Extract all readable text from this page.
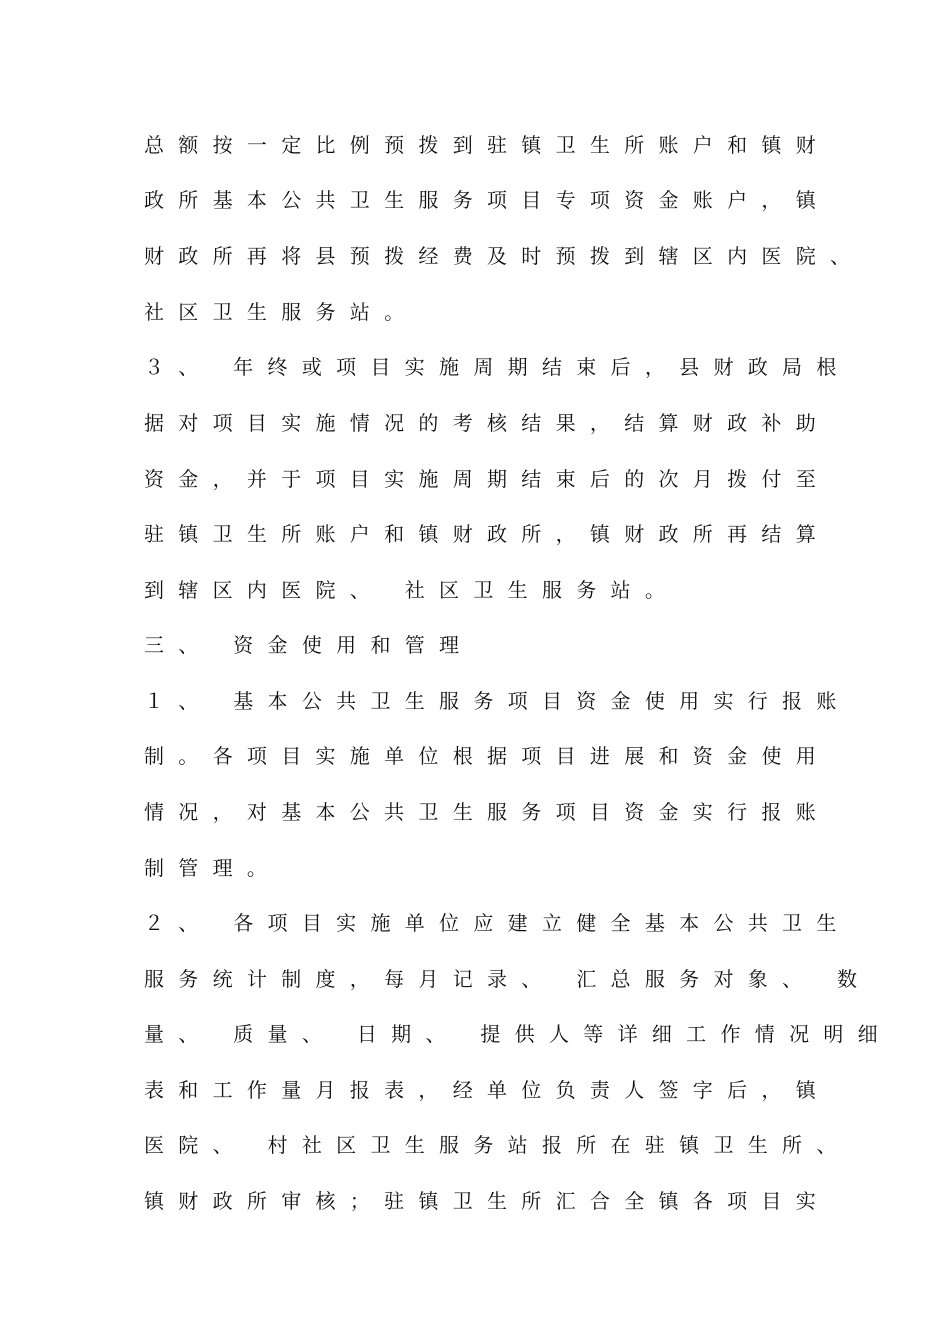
总额按一定比例预拨到驻镇卫生所账户和镇财
政所基本公共卫生服务项目专项资金账户，镇
财政所再将县预拨经费及时预拨到辖区内医院、
社区卫生服务站。
３、 年终或项目实施周期结束后，县财政局根
据对项目实施情况的考核结果，结算财政补助
资金，并于项目实施周期结束后的次月拨付至
驻镇卫生所账户和镇财政所，镇财政所再结算
到辖区内医院、 社区卫生服务站。
三、 资金使用和管理
１、 基本公共卫生服务项目资金使用实行报账
制。各项目实施单位根据项目进展和资金使用
情况，对基本公共卫生服务项目资金实行报账
制管理。
２、 各项目实施单位应建立健全基本公共卫生
服务统计制度，每月记录、 汇总服务对象、 数
量、 质量、 日期、 提供人等详细工作情况明细
表和工作量月报表，经单位负责人签字后，镇
医院、 村社区卫生服务站报所在驻镇卫生所、
镇财政所审核；驻镇卫生所汇合全镇各项目实
